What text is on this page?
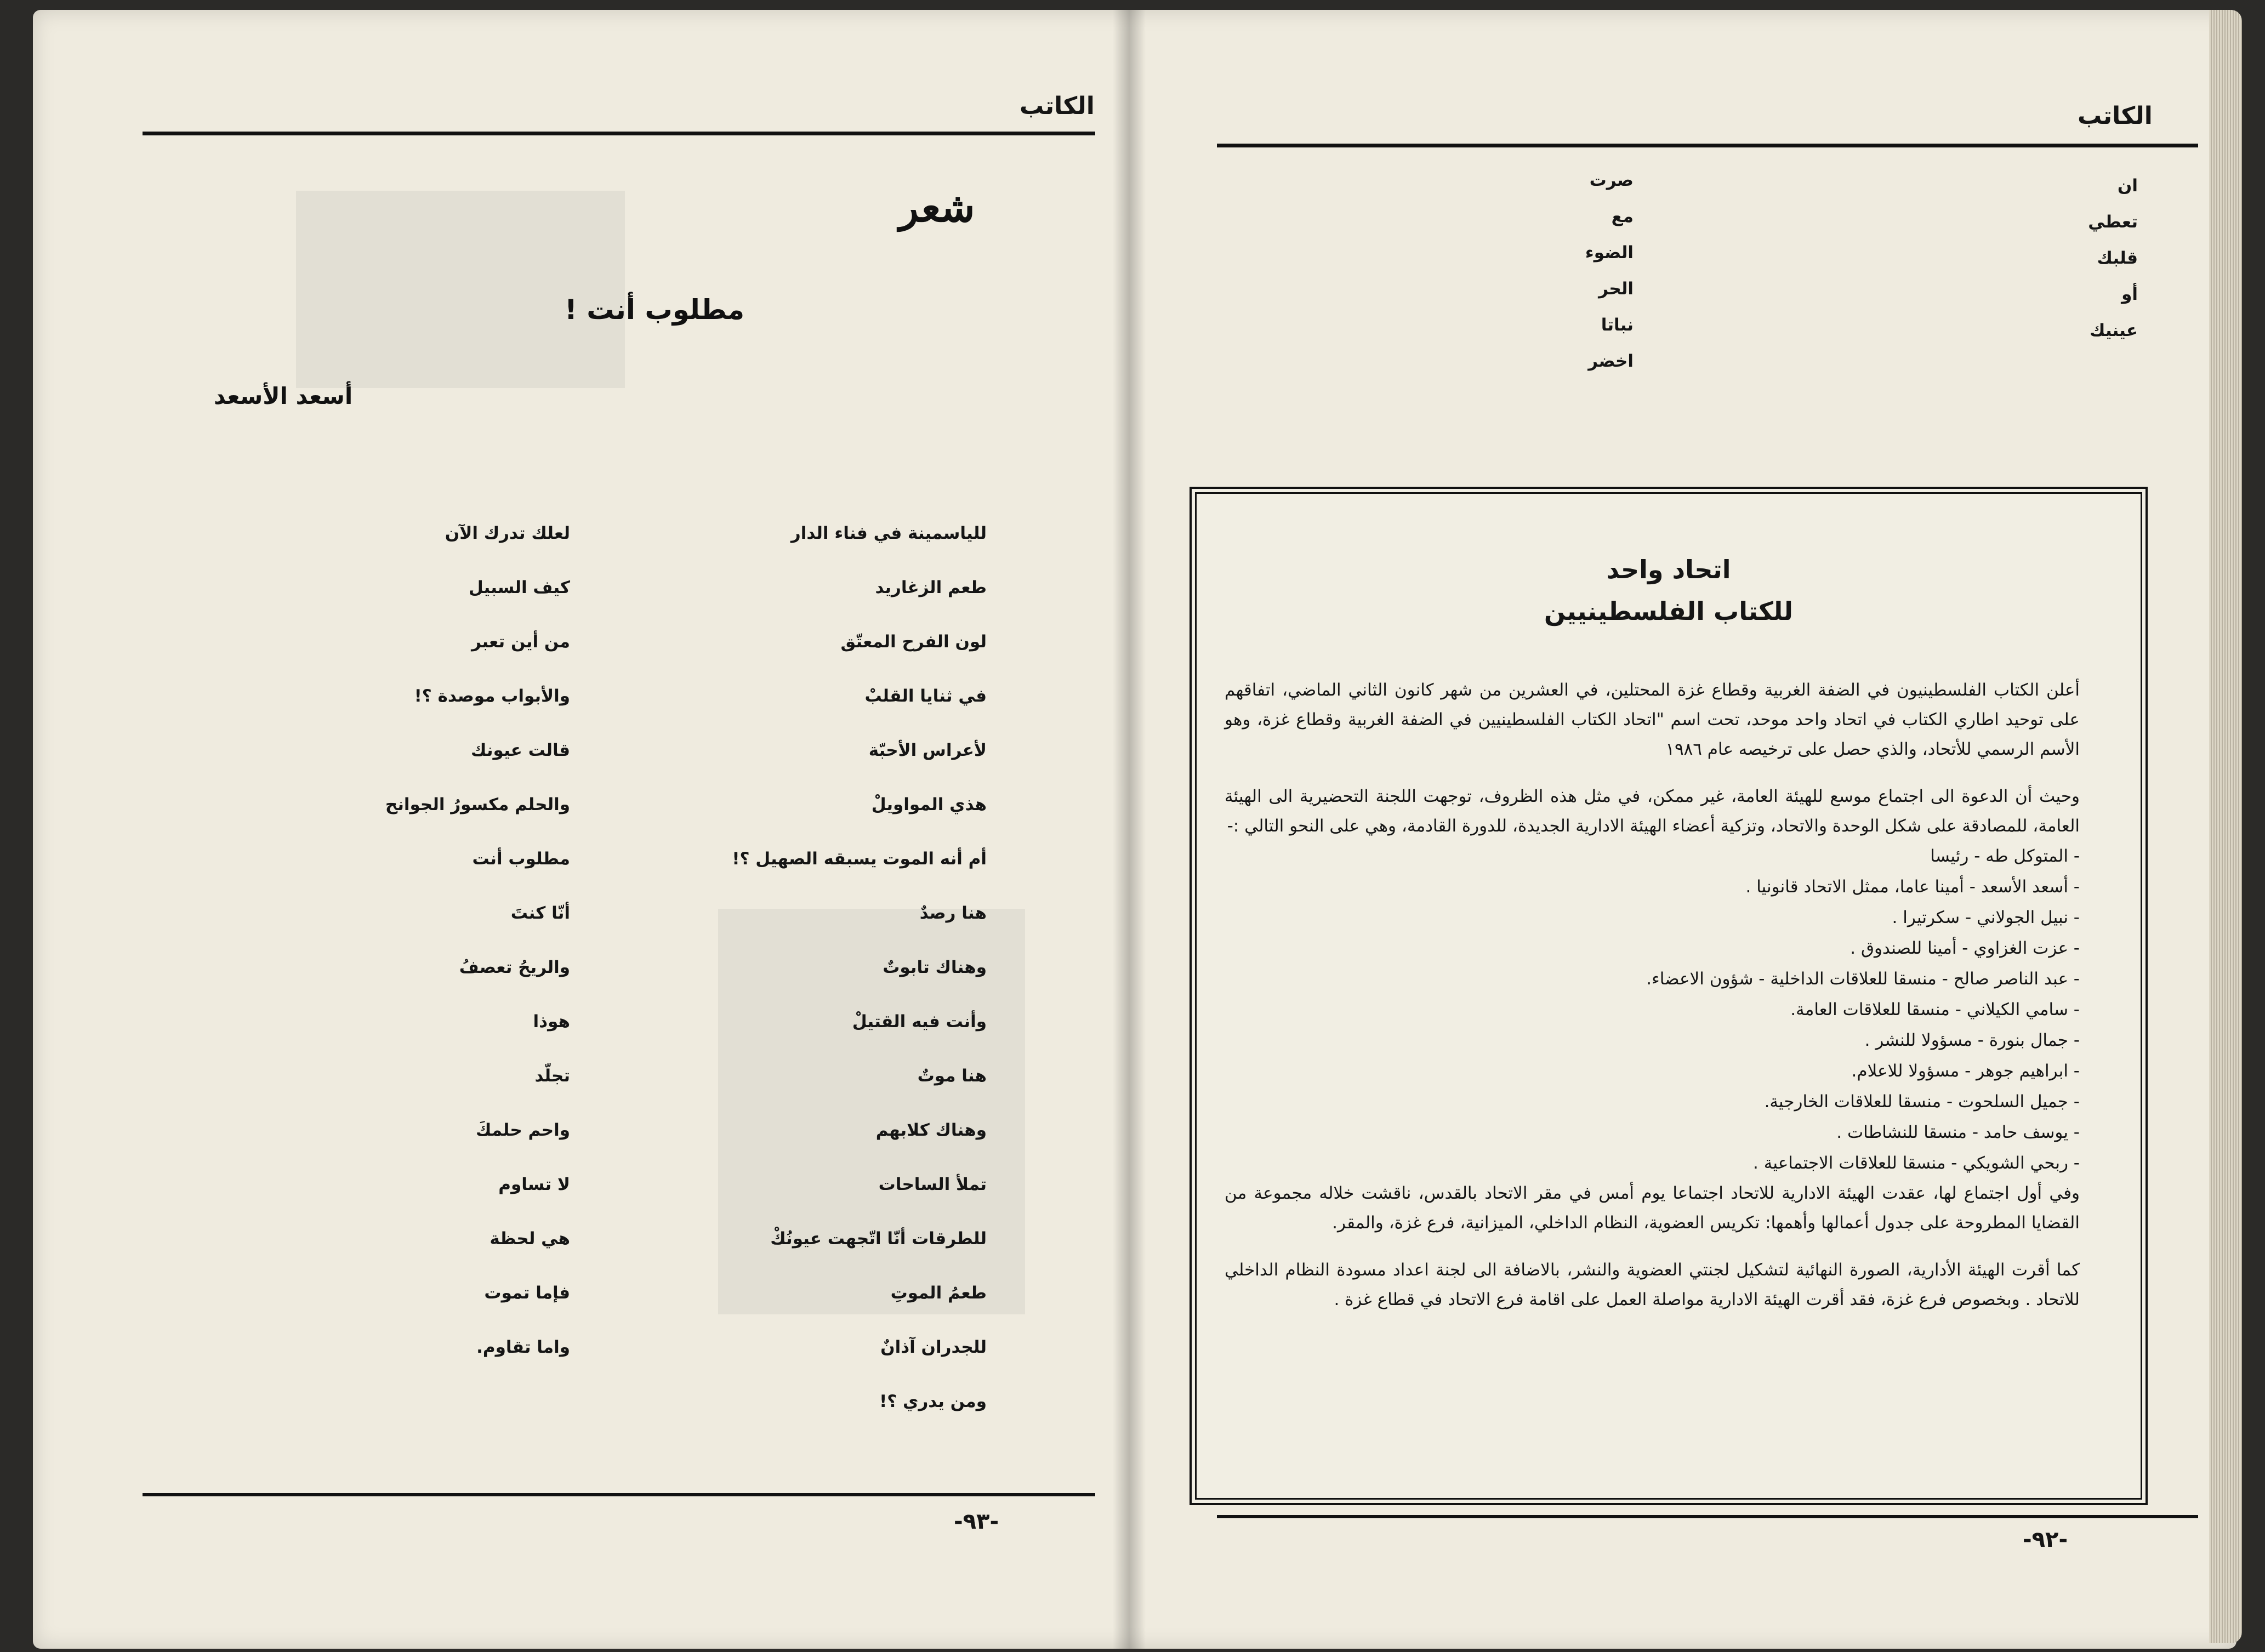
الكاتب
شعر
مطلوب أنت !
أسعد الأسعد
للياسمينة في فناء الدار
طعم الزغاريد
لون الفرح المعتّق
في ثنايا القلبْ
لأعراس الأحبّة
هذي المواويلْ
أم أنه الموت يسبقه الصهيل ؟!
هنا رصدٌ
وهناك تابوتٌ
وأنت فيه القتيلْ
هنا موتٌ
وهناك كلابهم
تملأ الساحات
للطرقات أنّا اتّجهت عيونُكْ
طعمُ الموتِ
للجدران آذانٌ
ومن يدري ؟!
لعلك تدرك الآن
كيف السبيل
من أين تعبر
والأبواب موصدة ؟!
قالت عيونك
والحلم مكسورُ الجوانح
مطلوب أنت
أنّا كنتَ
والريحُ تعصفُ
هوذا
تجلّد
واحم حلمكَ
لا تساوم
هي لحظة
فإما تموت
واما تقاوم.
-٩٣-
الكاتب
ان
تعطي
قلبك
أو
عينيك
صرت
مع
الضوء
الحر
نباتا
اخضر
اتحاد واحد
للكتاب الفلسطينيين

أعلن الكتاب الفلسطينيون في الضفة الغربية وقطاع غزة المحتلين، في العشرين من شهر كانون الثاني الماضي، اتفاقهم على توحيد اطاري الكتاب في اتحاد واحد موحد، تحت اسم "اتحاد الكتاب الفلسطينيين في الضفة الغربية وقطاع غزة، وهو الأسم الرسمي للأتحاد، والذي حصل على ترخيصه عام ١٩٨٦

وحيث أن الدعوة الى اجتماع موسع للهيئة العامة، غير ممكن، في مثل هذه الظروف، توجهت اللجنة التحضيرية الى الهيئة العامة، للمصادقة على شكل الوحدة والاتحاد، وتزكية أعضاء الهيئة الادارية الجديدة، للدورة القادمة، وهي على النحو التالي :-

- المتوكل طه - رئيسا
- أسعد الأسعد - أمينا عاما، ممثل الاتحاد قانونيا .
- نبيل الجولاني - سكرتيرا .
- عزت الغزاوي - أمينا للصندوق .
- عبد الناصر صالح - منسقا للعلاقات الداخلية - شؤون الاعضاء.
- سامي الكيلاني - منسقا للعلاقات العامة.
- جمال بنورة - مسؤولا للنشر .
- ابراهيم جوهر - مسؤولا للاعلام.
- جميل السلحوت - منسقا للعلاقات الخارجية.
- يوسف حامد - منسقا للنشاطات .
- ربحي الشويكي - منسقا للعلاقات الاجتماعية .

وفي أول اجتماع لها، عقدت الهيئة الادارية للاتحاد اجتماعا يوم أمس في مقر الاتحاد بالقدس، ناقشت خلاله مجموعة من القضايا المطروحة على جدول أعمالها وأهمها: تكريس العضوية، النظام الداخلي، الميزانية، فرع غزة، والمقر.

كما أقرت الهيئة الأدارية، الصورة النهائية لتشكيل لجنتي العضوية والنشر، بالاضافة الى لجنة اعداد مسودة النظام الداخلي للاتحاد . وبخصوص فرع غزة، فقد أقرت الهيئة الادارية مواصلة العمل على اقامة فرع الاتحاد في قطاع غزة .

-٩٢-
